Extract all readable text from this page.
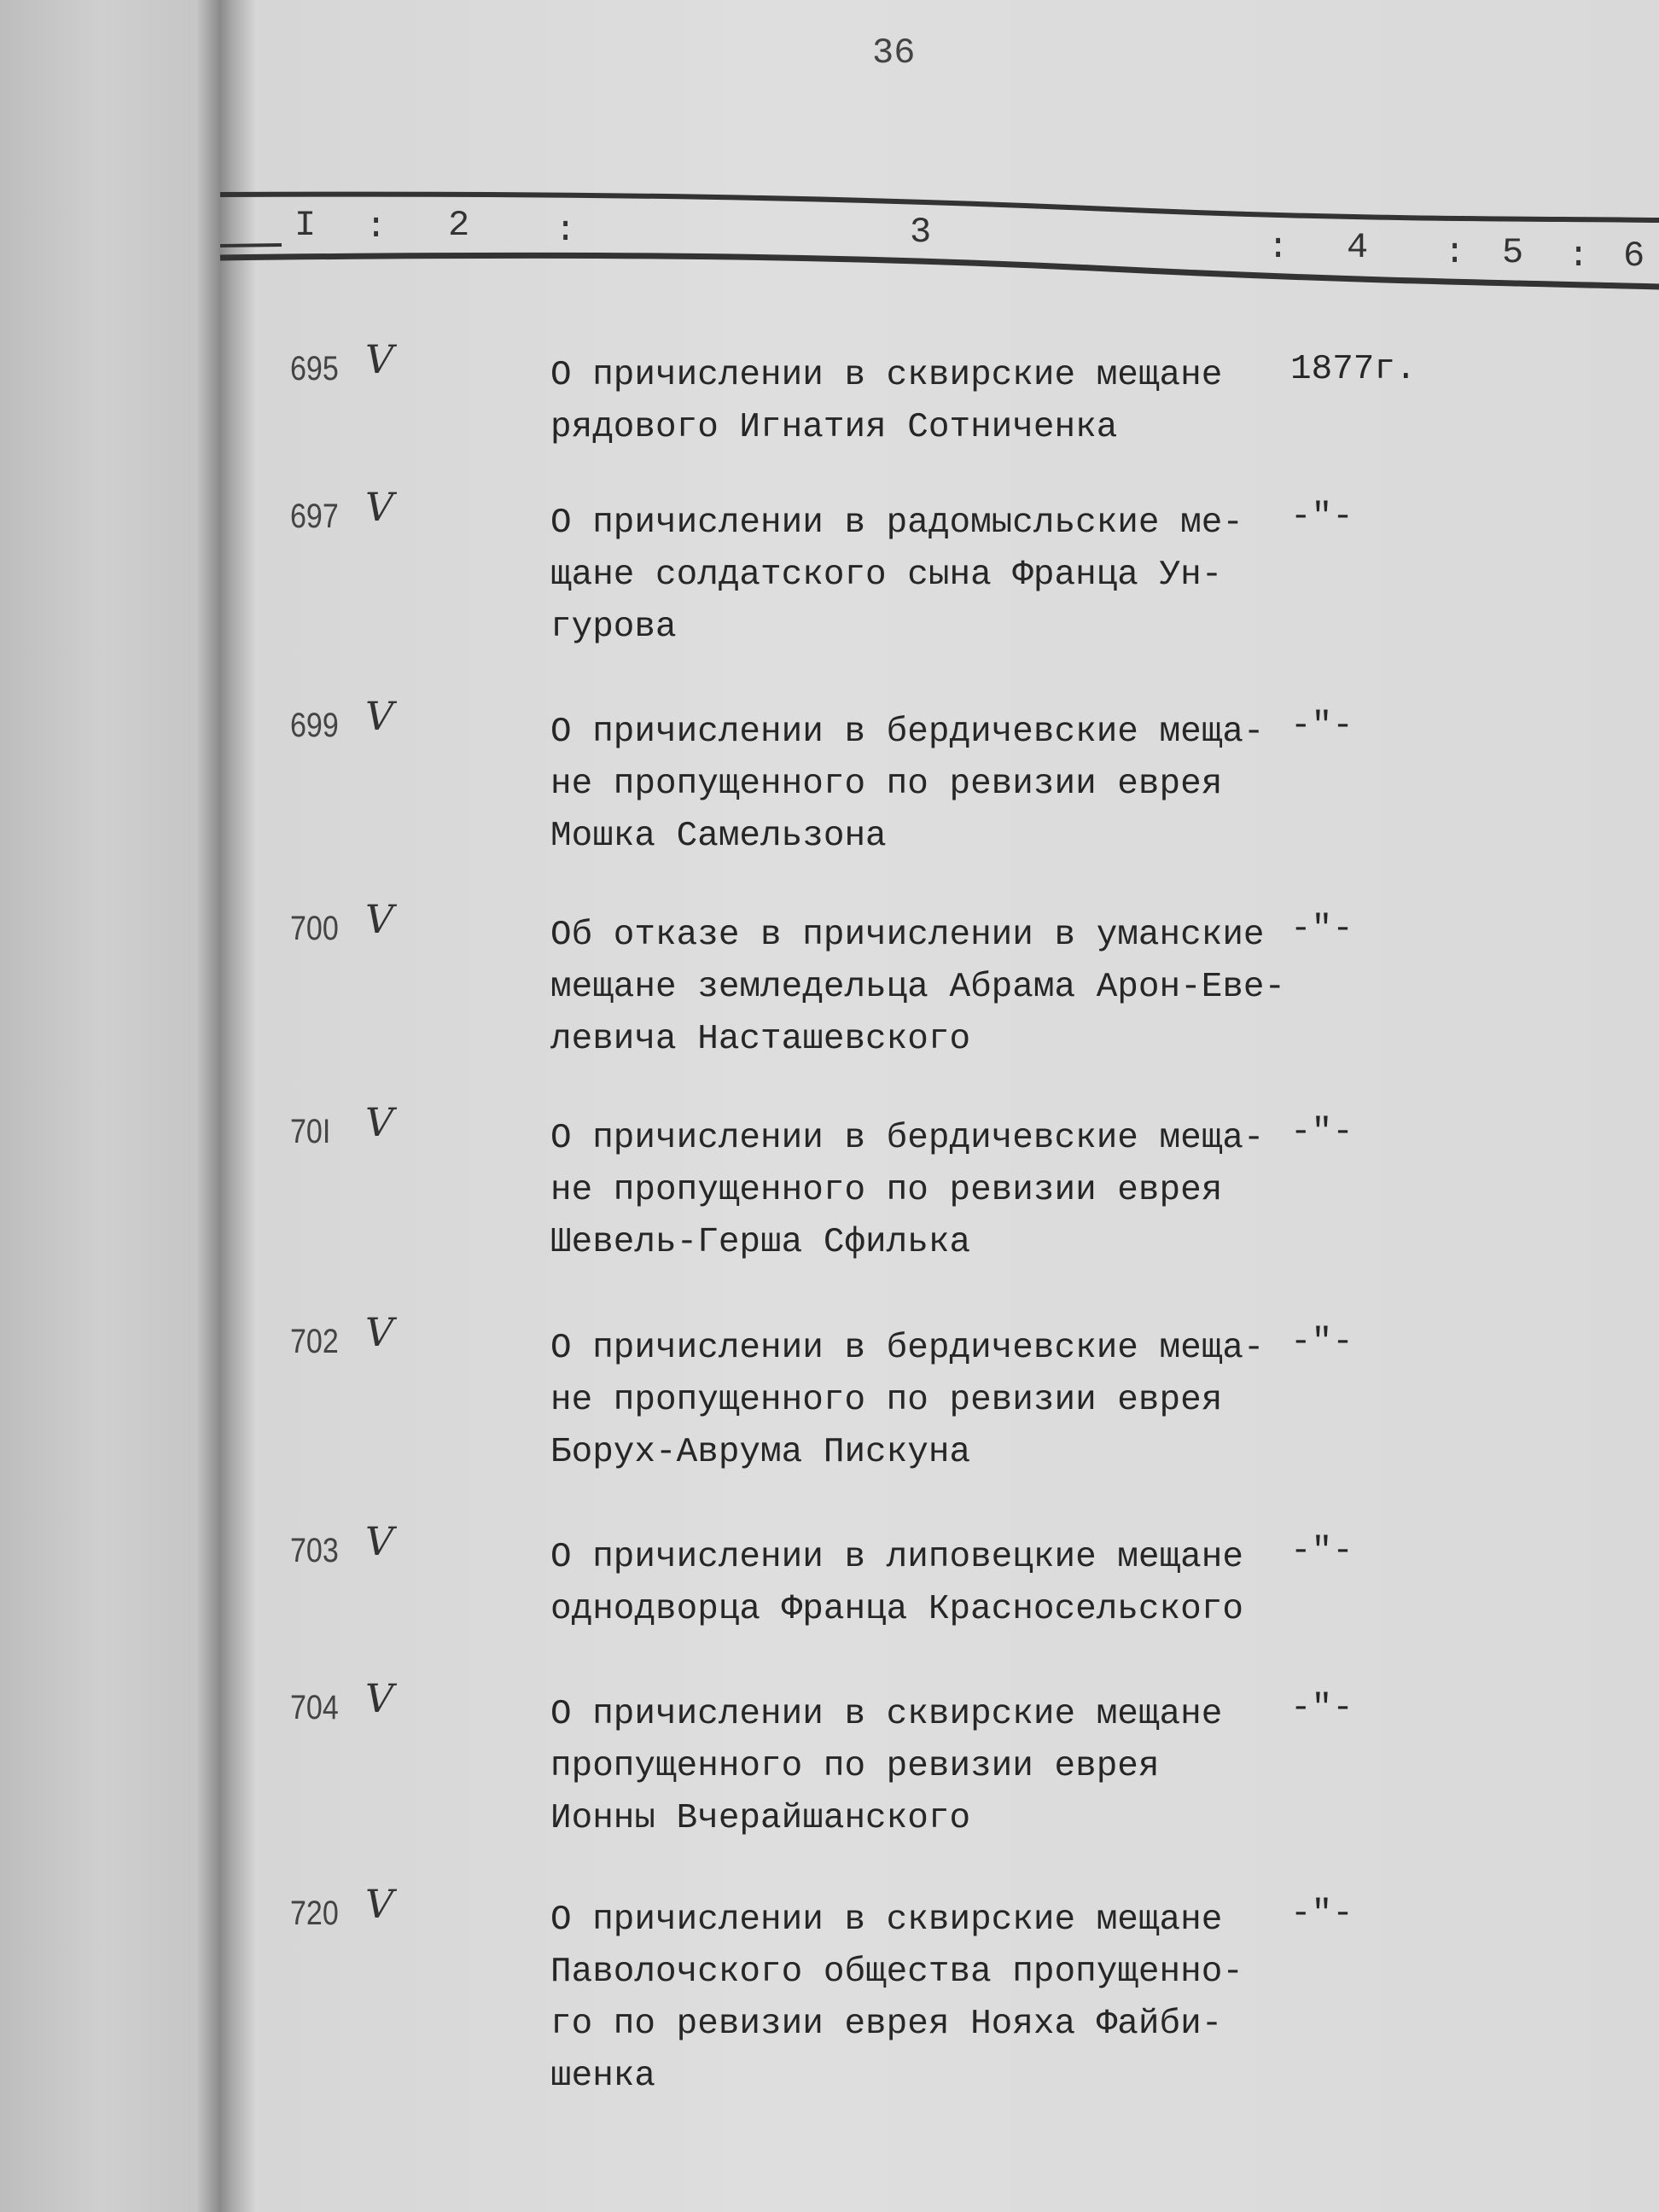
36
I : 2 :	3	: 4 : 5 : 6
695 V	О причислении в сквирские мещане
рядового Игнатия Сотниченка
1877г.
697 V	О причислении в радомысльские ме-
щане солдатского сына Франца Ун-
гурова
-"-
699 V	О причислении в бердичевские меща-
не пропущенного по ревизии еврея
Мошка Самельзона
-"-
700 V	Об отказе в причислении в уманские
мещане земледельца Абрама Арон-Еве-
левича Насташевского
-"-
70I V	О причислении в бердичевские меща-
не пропущенного по ревизии еврея
Шевель-Герша Сфилька
-"-
702 V	О причислении в бердичевские меща-
не пропущенного по ревизии еврея
Борух-Аврума Пискуна
-"-
703 V	О причислении в липовецкие мещане
однодворца Франца Красносельского
-"-
704 V	О причислении в сквирские мещане
пропущенного по ревизии еврея
Ионны Вчерайшанского
-"-
720 V	О причислении в сквирские мещане
Паволочского общества пропущенно-
го по ревизии еврея Нояха Файби-
шенка
-"-
